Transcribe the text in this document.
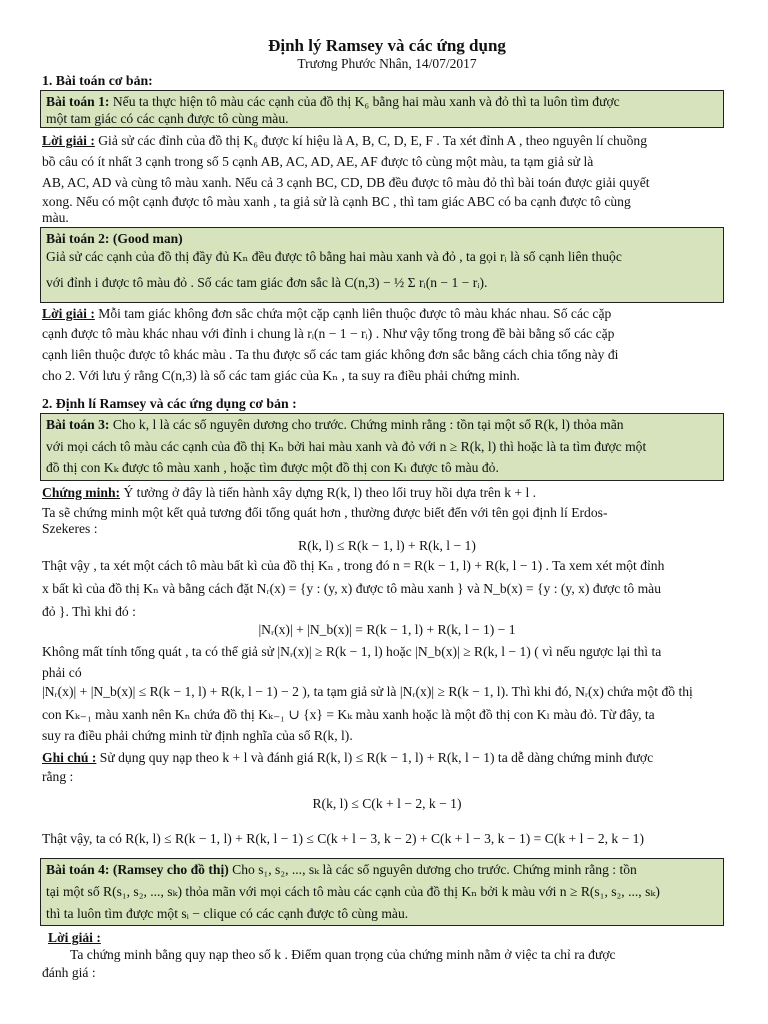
Định lý Ramsey và các ứng dụng
Trương Phước Nhân, 14/07/2017
1. Bài toán cơ bản:
Bài toán 1: Nếu ta thực hiện tô màu các cạnh của đồ thị K₆ bằng hai màu xanh và đỏ thì ta luôn tìm được
một tam giác có các cạnh được tô cùng màu.
Lời giải : Giả sử các đỉnh của đồ thị K₆ được kí hiệu là A, B, C, D, E, F . Ta xét đỉnh A , theo nguyên lí chuồng
bồ câu có ít nhất 3 cạnh trong số 5 cạnh AB, AC, AD, AE, AF được tô cùng một màu, ta tạm giả sử là
AB, AC, AD và cùng tô màu xanh. Nếu cả 3 cạnh BC, CD, DB đều được tô màu đỏ thì bài toán được giải quyết
xong. Nếu có một cạnh được tô màu xanh , ta giả sử là cạnh BC , thì tam giác ABC có ba cạnh được tô cùng
màu.
Bài toán 2: (Good man)
Giả sử các cạnh của đồ thị đầy đủ Kₙ đều được tô bằng hai màu xanh và đỏ , ta gọi rᵢ là số cạnh liên thuộc
với đỉnh i được tô màu đỏ . Số các tam giác đơn sắc là C(n,3) − ½ Σ rᵢ(n − 1 − rᵢ).
Lời giải : Mỗi tam giác không đơn sắc chứa một cặp cạnh liên thuộc được tô màu khác nhau. Số các cặp
cạnh được tô màu khác nhau với đỉnh i chung là rᵢ(n − 1 − rᵢ) . Như vậy tổng trong đề bài bằng số các cặp
cạnh liên thuộc được tô khác màu . Ta thu được số các tam giác không đơn sắc bằng cách chia tổng này đi
cho 2. Với lưu ý rằng C(n,3) là số các tam giác của Kₙ , ta suy ra điều phải chứng minh.
2. Định lí Ramsey và các ứng dụng cơ bản :
Bài toán 3: Cho k, l là các số nguyên dương cho trước. Chứng minh rằng : tồn tại một số R(k, l) thỏa mãn
với mọi cách tô màu các cạnh của đồ thị Kₙ bởi hai màu xanh và đỏ với n ≥ R(k, l) thì hoặc là ta tìm được một
đồ thị con Kₖ được tô màu xanh , hoặc tìm được một đồ thị con Kₗ được tô màu đỏ.
Chứng minh: Ý tưởng ở đây là tiến hành xây dựng R(k, l) theo lối truy hồi dựa trên k + l .
Ta sẽ chứng minh một kết quả tương đối tổng quát hơn , thường được biết đến với tên gọi định lí Erdos-
Szekeres :
R(k, l) ≤ R(k − 1, l) + R(k, l − 1)
Thật vậy , ta xét một cách tô màu bất kì của đồ thị Kₙ , trong đó n = R(k − 1, l) + R(k, l − 1) . Ta xem xét một đỉnh
x bất kì của đồ thị Kₙ và bằng cách đặt Nᵣ(x) = {y : (y, x) được tô màu xanh } và N_b(x) = {y : (y, x) được tô màu
đỏ }. Thì khi đó :
|Nᵣ(x)| + |N_b(x)| = R(k − 1, l) + R(k, l − 1) − 1
Không mất tính tổng quát , ta có thể giả sử |Nᵣ(x)| ≥ R(k − 1, l) hoặc |N_b(x)| ≥ R(k, l − 1) ( vì nếu ngược lại thì ta
phải có
|Nᵣ(x)| + |N_b(x)| ≤ R(k − 1, l) + R(k, l − 1) − 2 ), ta tạm giả sử là |Nᵣ(x)| ≥ R(k − 1, l). Thì khi đó, Nᵣ(x) chứa một đồ thị
con Kₖ₋₁ màu xanh nên Kₙ chứa đồ thị Kₖ₋₁ ∪ {x} = Kₖ màu xanh hoặc là một đồ thị con Kₗ màu đỏ. Từ đây, ta
suy ra điều phải chứng minh từ định nghĩa của số R(k, l).
Ghi chú : Sử dụng quy nạp theo k + l và đánh giá R(k, l) ≤ R(k − 1, l) + R(k, l − 1) ta dễ dàng chứng minh được
rằng :
R(k, l) ≤ C(k + l − 2, k − 1)
Thật vậy, ta có R(k, l) ≤ R(k − 1, l) + R(k, l − 1) ≤ C(k + l − 3, k − 2) + C(k + l − 3, k − 1) = C(k + l − 2, k − 1)
Bài toán 4: (Ramsey cho đồ thị) Cho s₁, s₂, ..., sₖ là các số nguyên dương cho trước. Chứng minh rằng : tồn
tại một số R(s₁, s₂, ..., sₖ) thỏa mãn với mọi cách tô màu các cạnh của đồ thị Kₙ bởi k màu với n ≥ R(s₁, s₂, ..., sₖ)
thì ta luôn tìm được một sᵢ − clique có các cạnh được tô cùng màu.
Lời giải :
Ta chứng minh bằng quy nạp theo số k . Điểm quan trọng của chứng minh nằm ở việc ta chỉ ra được
đánh giá :
